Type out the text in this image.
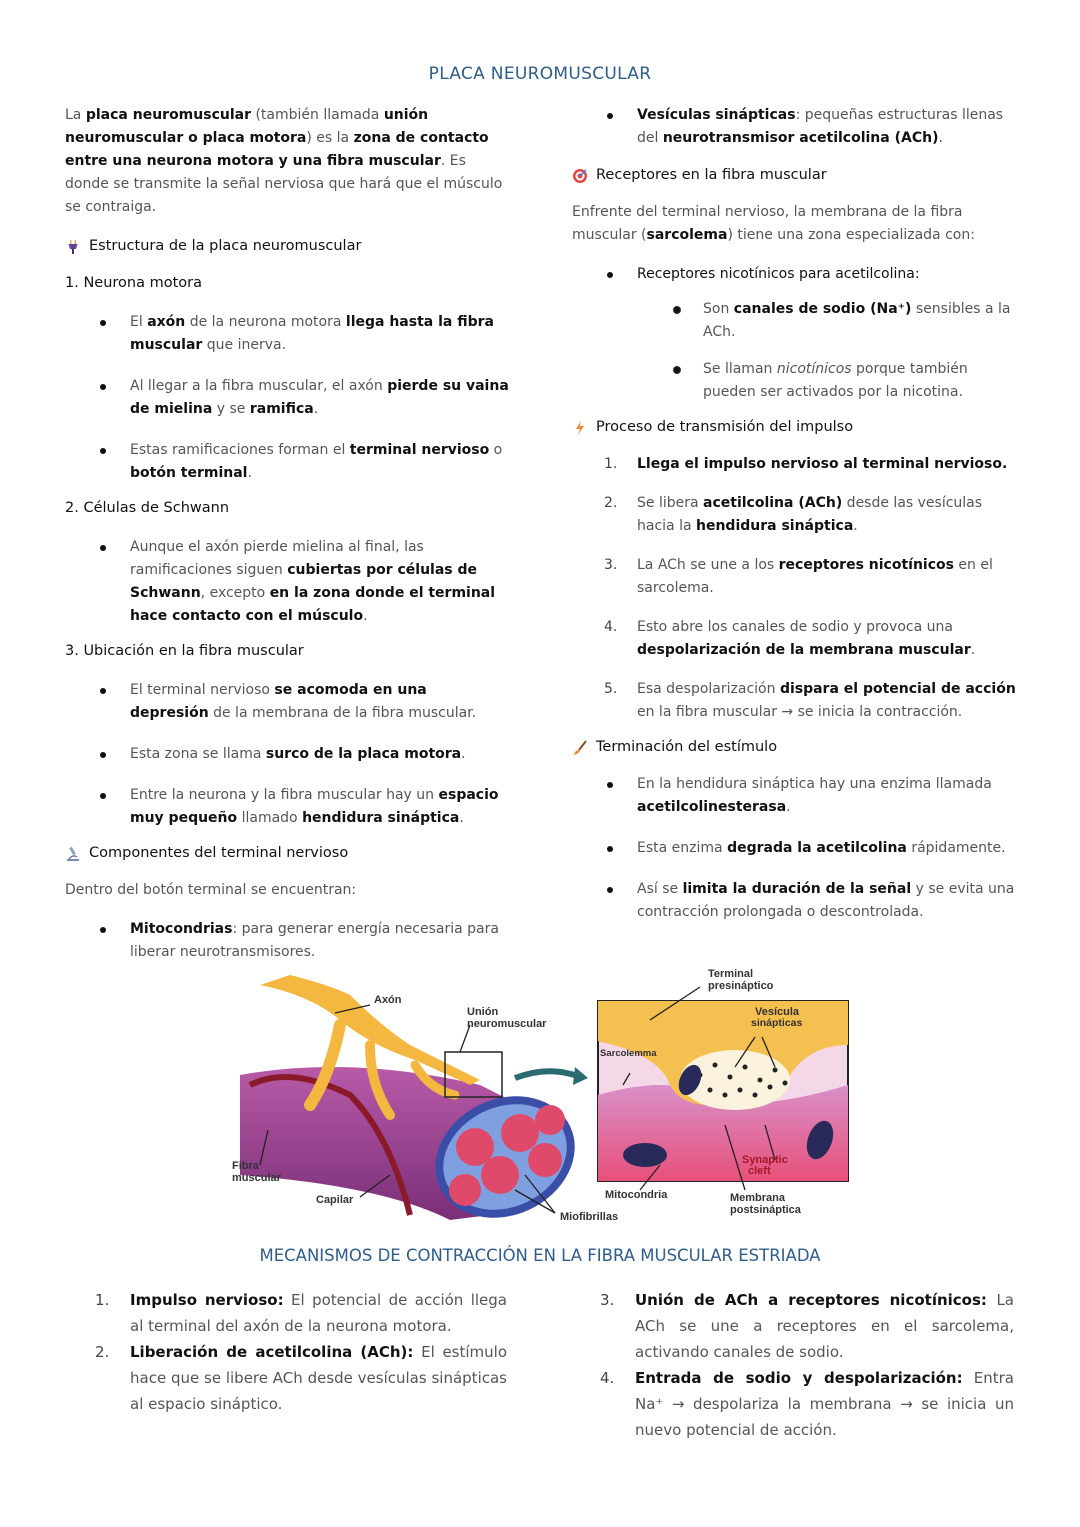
PLACA NEUROMUSCULAR

La placa neuromuscular (también llamada unión neuromuscular o placa motora) es la zona de contacto entre una neurona motora y una fibra muscular. Es donde se transmite la señal nerviosa que hará que el músculo se contraiga.

Estructura de la placa neuromuscular
1. Neurona motora
El axón de la neurona motora llega hasta la fibra muscular que inerva.
Al llegar a la fibra muscular, el axón pierde su vaina de mielina y se ramifica.
Estas ramificaciones forman el terminal nervioso o botón terminal.
2. Células de Schwann
Aunque el axón pierde mielina al final, las ramificaciones siguen cubiertas por células de Schwann, excepto en la zona donde el terminal hace contacto con el músculo.
3. Ubicación en la fibra muscular
El terminal nervioso se acomoda en una depresión de la membrana de la fibra muscular.
Esta zona se llama surco de la placa motora.
Entre la neurona y la fibra muscular hay un espacio muy pequeño llamado hendidura sináptica.
Componentes del terminal nervioso

Dentro del botón terminal se encuentran:

Mitocondrias: para generar energía necesaria para liberar neurotransmisores.
Vesículas sinápticas: pequeñas estructuras llenas del neurotransmisor acetilcolina (ACh).
Receptores en la fibra muscular

Enfrente del terminal nervioso, la membrana de la fibra muscular (sarcolema) tiene una zona especializada con:

Receptores nicotínicos para acetilcolina:
Son canales de sodio (Na⁺) sensibles a la ACh.
Se llaman nicotínicos porque también pueden ser activados por la nicotina.
Proceso de transmisión del impulso
1. Llega el impulso nervioso al terminal nervioso.
2. Se libera acetilcolina (ACh) desde las vesículas hacia la hendidura sináptica.
3. La ACh se une a los receptores nicotínicos en el sarcolema.
4. Esto abre los canales de sodio y provoca una despolarización de la membrana muscular.
5. Esa despolarización dispara el potencial de acción en la fibra muscular → se inicia la contracción.
Terminación del estímulo
En la hendidura sináptica hay una enzima llamada acetilcolinesterasa.
Esta enzima degrada la acetilcolina rápidamente.
Así se limita la duración de la señal y se evita una contracción prolongada o descontrolada.
Axón
Unión
neuromuscular
Fibra
muscular
Capilar
Miofibrillas
Terminal
presináptico
Vesícula
sinápticas
Sarcolemma
Synaptic
cleft
Mitocondria	Membrana
postsináptica
MECANISMOS DE CONTRACCIÓN EN LA FIBRA MUSCULAR ESTRIADA
1. Impulso nervioso: El potencial de acción llega al terminal del axón de la neurona motora.
2. Liberación de acetilcolina (ACh): El estímulo hace que se libere ACh desde vesículas sinápticas al espacio sináptico.
3. Unión de ACh a receptores nicotínicos: La ACh se une a receptores en el sarcolema, activando canales de sodio.
4. Entrada de sodio y despolarización: Entra Na⁺ → despolariza la membrana → se inicia un nuevo potencial de acción.
